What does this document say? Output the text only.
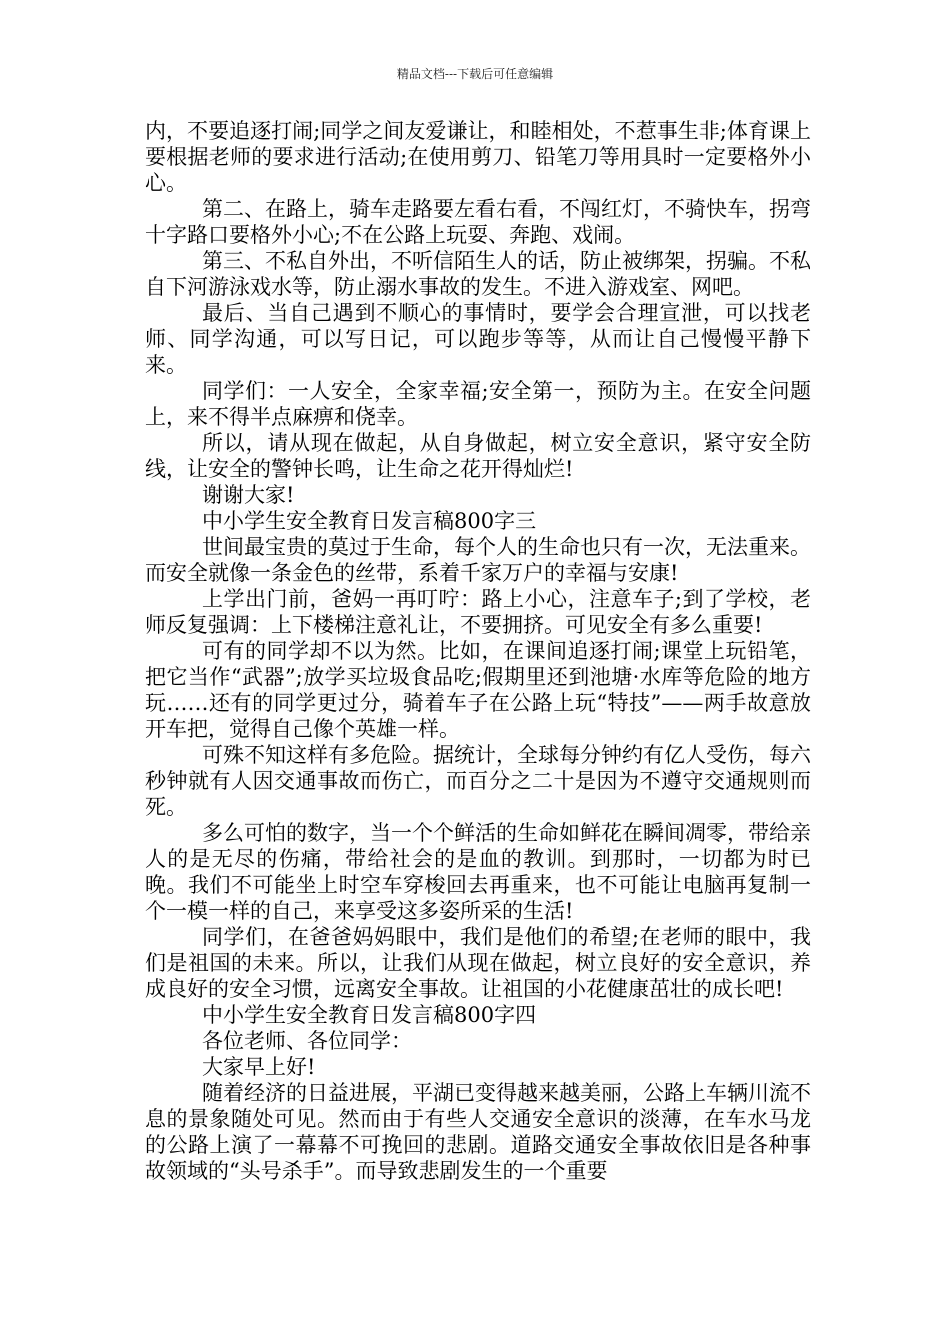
精品文档---下载后可任意编辑

内，不要追逐打闹;同学之间友爱谦让，和睦相处，不惹事生非;体育课上要根据老师的要求进行活动;在使用剪刀、铅笔刀等用具时一定要格外小心。

第二、在路上，骑车走路要左看右看，不闯红灯，不骑快车，拐弯十字路口要格外小心;不在公路上玩耍、奔跑、戏闹。

第三、不私自外出，不听信陌生人的话，防止被绑架，拐骗。不私自下河游泳戏水等，防止溺水事故的发生。不进入游戏室、网吧。

最后、当自己遇到不顺心的事情时，要学会合理宣泄，可以找老师、同学沟通，可以写日记，可以跑步等等，从而让自己慢慢平静下来。

同学们：一人安全，全家幸福;安全第一，预防为主。在安全问题上，来不得半点麻痹和侥幸。

所以，请从现在做起，从自身做起，树立安全意识，紧守安全防线，让安全的警钟长鸣，让生命之花开得灿烂!

谢谢大家!

中小学生安全教育日发言稿800字三

世间最宝贵的莫过于生命，每个人的生命也只有一次，无法重来。而安全就像一条金色的丝带，系着千家万户的幸福与安康!

上学出门前，爸妈一再叮咛：路上小心，注意车子;到了学校，老师反复强调：上下楼梯注意礼让，不要拥挤。可见安全有多么重要!

可有的同学却不以为然。比如，在课间追逐打闹;课堂上玩铅笔，把它当作“武器”;放学买垃圾食品吃;假期里还到池塘·水库等危险的地方玩……还有的同学更过分，骑着车子在公路上玩“特技”——两手故意放开车把，觉得自己像个英雄一样。

可殊不知这样有多危险。据统计，全球每分钟约有亿人受伤，每六秒钟就有人因交通事故而伤亡，而百分之二十是因为不遵守交通规则而死。

多么可怕的数字，当一个个鲜活的生命如鲜花在瞬间凋零，带给亲人的是无尽的伤痛，带给社会的是血的教训。到那时，一切都为时已晚。我们不可能坐上时空车穿梭回去再重来，也不可能让电脑再复制一个一模一样的自己，来享受这多姿所采的生活!

同学们，在爸爸妈妈眼中，我们是他们的希望;在老师的眼中，我们是祖国的未来。所以，让我们从现在做起，树立良好的安全意识，养成良好的安全习惯，远离安全事故。让祖国的小花健康茁壮的成长吧!

中小学生安全教育日发言稿800字四

各位老师、各位同学：

大家早上好!

随着经济的日益进展，平湖已变得越来越美丽，公路上车辆川流不息的景象随处可见。然而由于有些人交通安全意识的淡薄，在车水马龙的公路上演了一幕幕不可挽回的悲剧。道路交通安全事故依旧是各种事故领域的“头号杀手”。而导致悲剧发生的一个重要
